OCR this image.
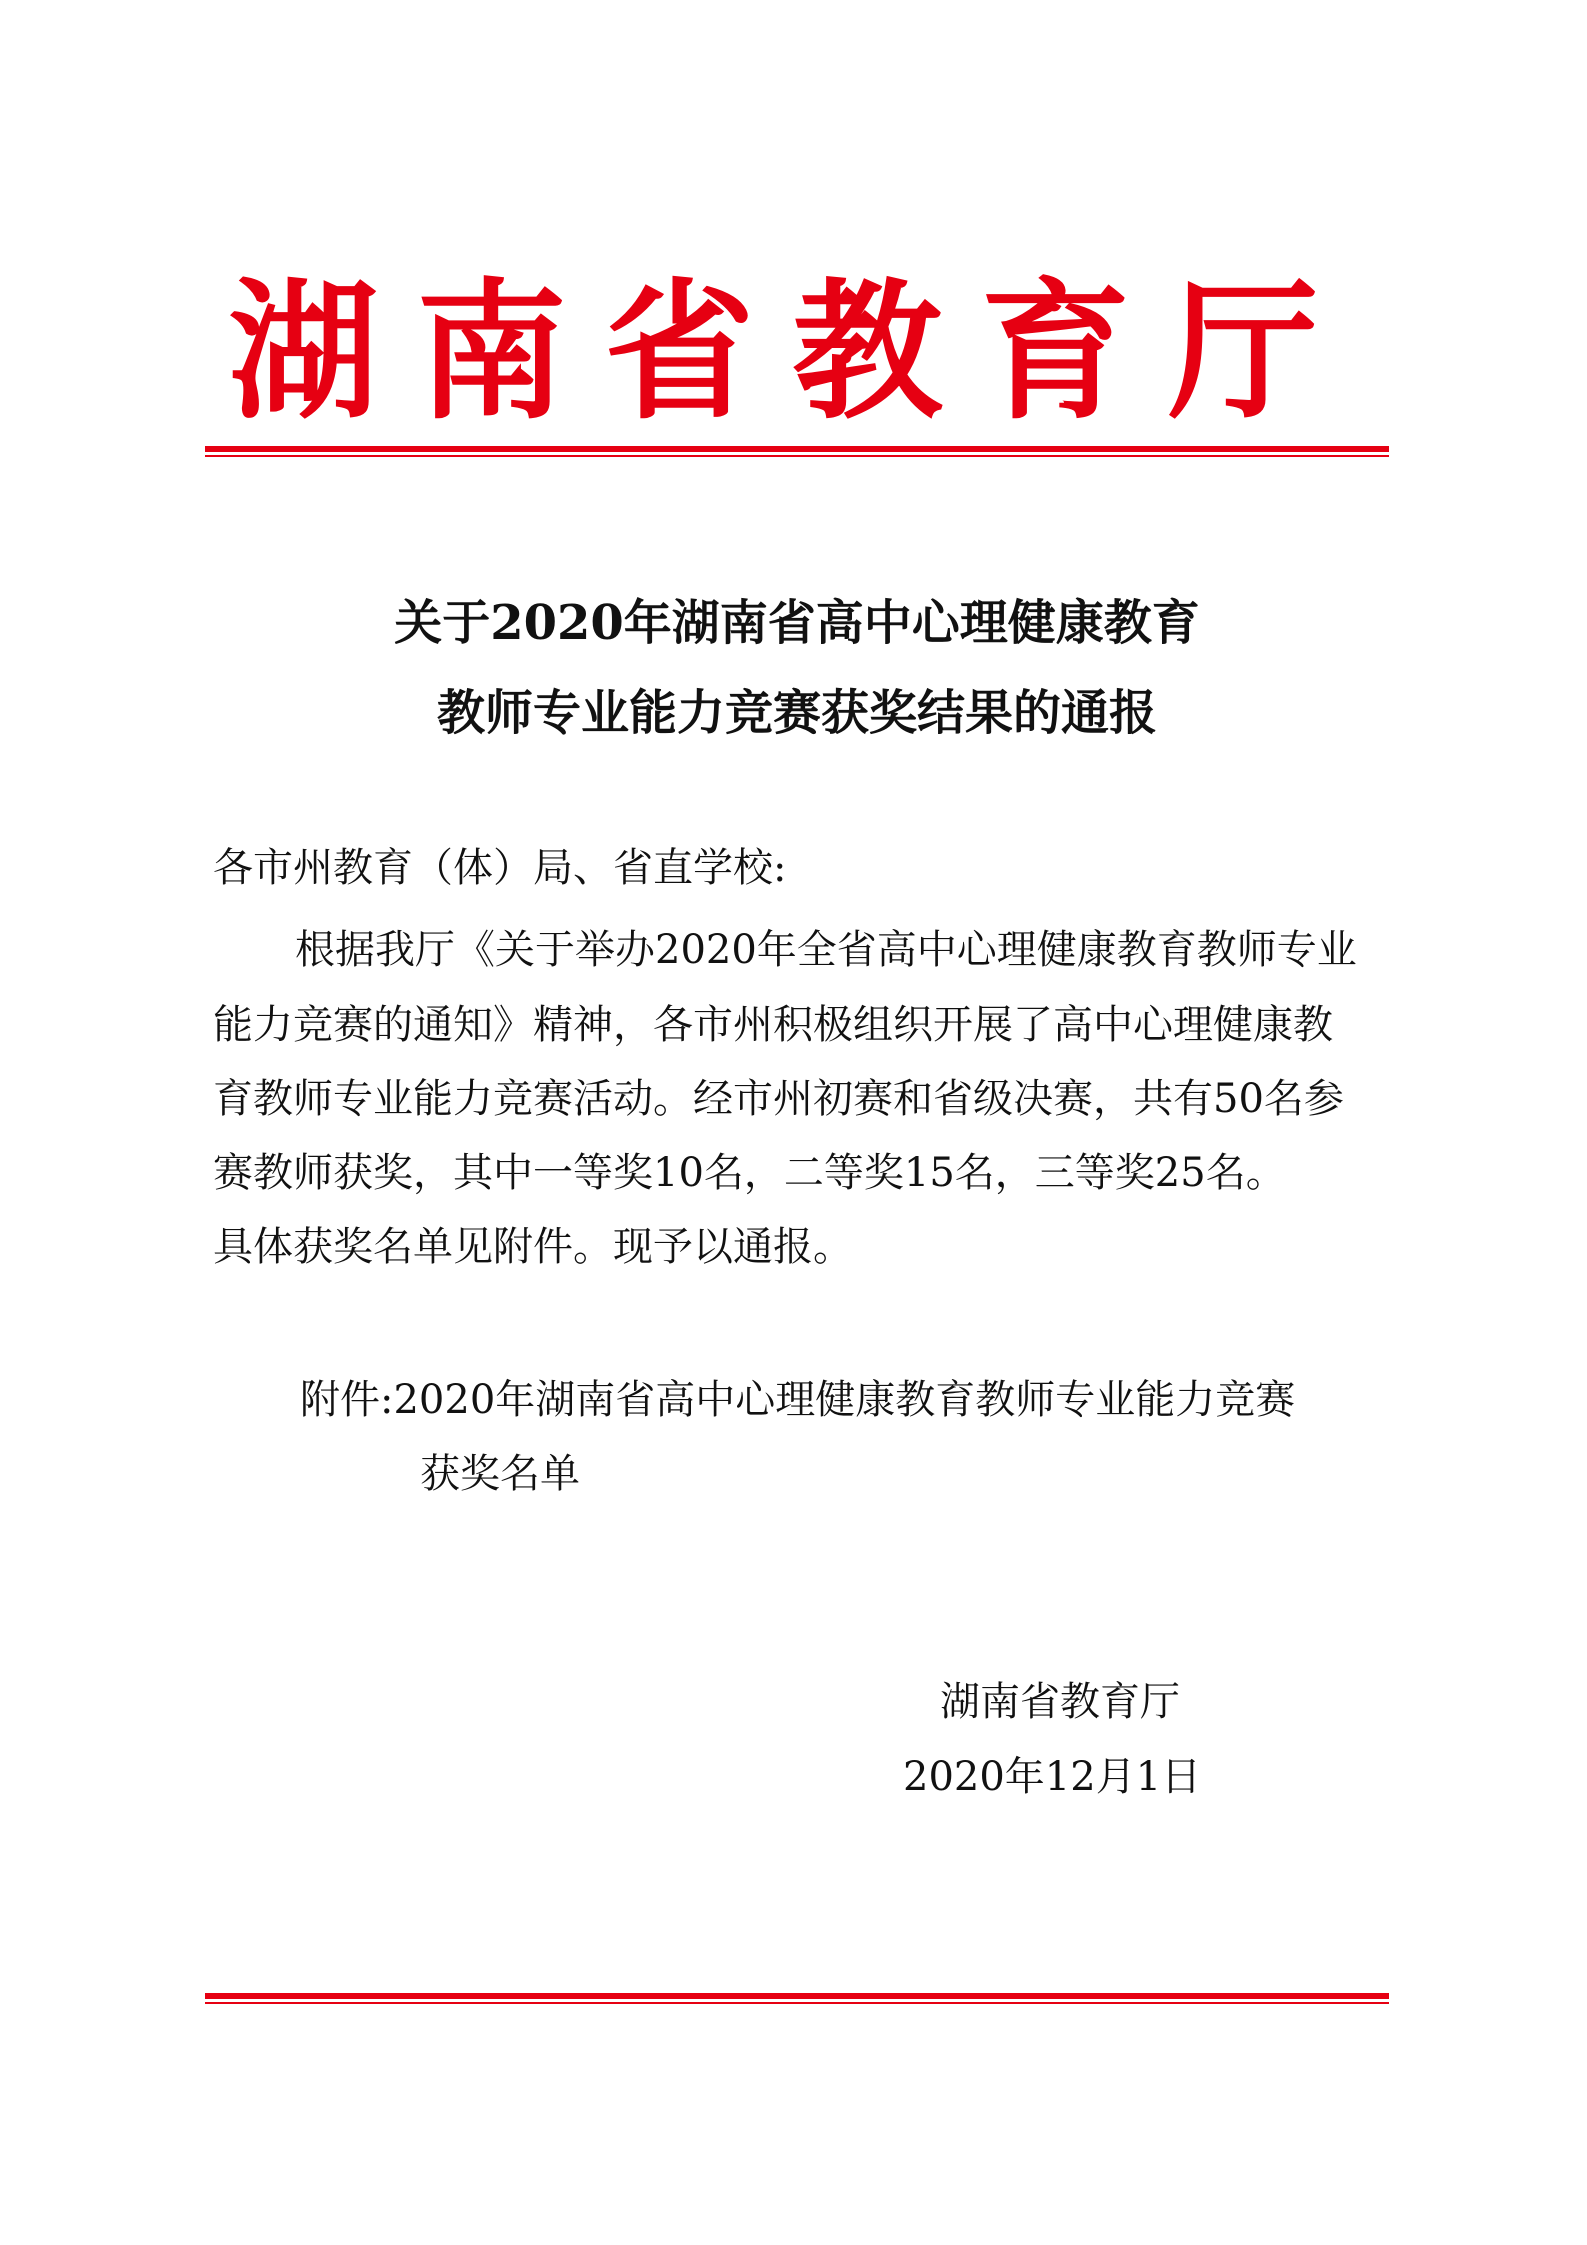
湖南省教育厅
关于2020年湖南省高中心理健康教育
教师专业能力竞赛获奖结果的通报
各市州教育（体）局、省直学校:
根据我厅《关于举办2020年全省高中心理健康教育教师专业
能力竞赛的通知》精神，各市州积极组织开展了高中心理健康教
育教师专业能力竞赛活动。经市州初赛和省级决赛，共有50名参
赛教师获奖，其中一等奖10名，二等奖15名，三等奖25名。
具体获奖名单见附件。现予以通报。
附件:2020年湖南省高中心理健康教育教师专业能力竞赛
获奖名单
湖南省教育厅
2020年12月1日
